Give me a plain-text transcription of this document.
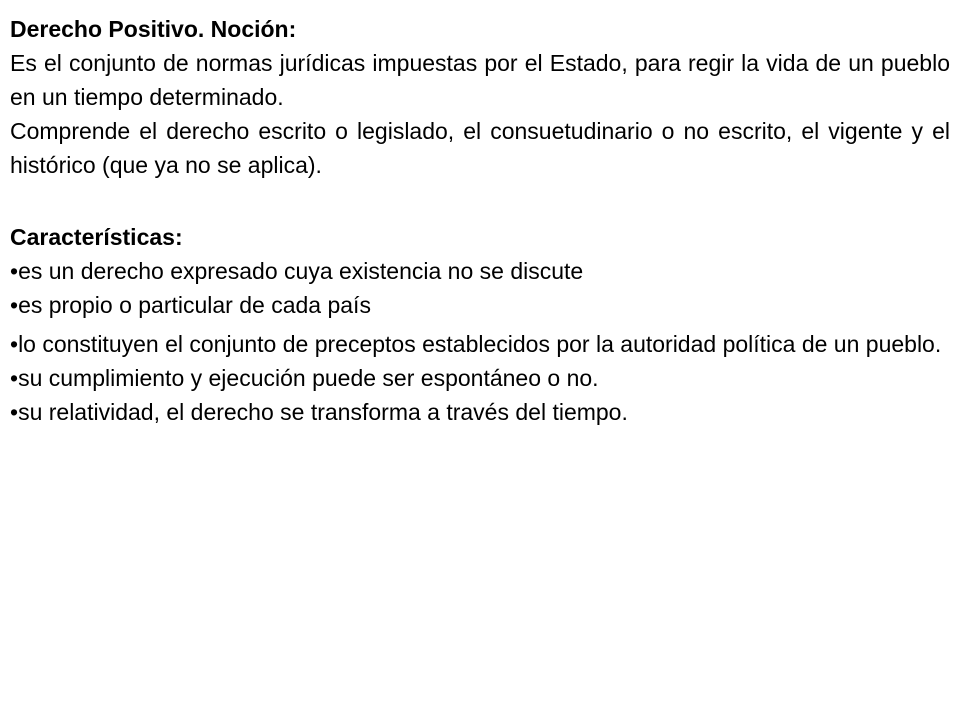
Derecho Positivo. Noción:

Es el conjunto de normas jurídicas impuestas por el Estado, para regir la vida de un pueblo en un tiempo determinado.

Comprende el derecho escrito o legislado, el consuetudinario o no escrito, el vigente y el histórico (que ya no se aplica).

Características:

•es un derecho expresado cuya existencia no se discute
•es propio o particular de cada país
•lo constituyen el conjunto de preceptos establecidos por la autoridad política de un pueblo.
•su cumplimiento y ejecución puede ser espontáneo o no.
•su relatividad, el derecho se transforma a través del tiempo.
